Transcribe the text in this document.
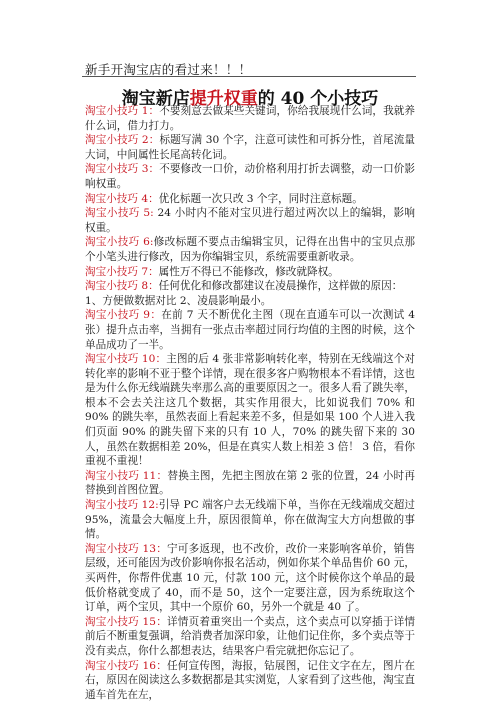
新手开淘宝店的看过来！！！
淘宝新店提升权重的 40 个小技巧

淘宝小技巧 1：不要刻意去做某些关键词，你给我展现什么词，我就养什么词，借力打力。

淘宝小技巧 2：标题写满 30 个字，注意可读性和可拆分性，首尾流量大词，中间属性长尾高转化词。

淘宝小技巧 3：不要修改一口价，动价格利用打折去调整，动一口价影响权重。

淘宝小技巧 4：优化标题一次只改 3 个字，同时注意标题。

淘宝小技巧 5: 24 小时内不能对宝贝进行超过两次以上的编辑，影响权重。

淘宝小技巧 6:修改标题不要点击编辑宝贝，记得在出售中的宝贝点那个小笔头进行修改，因为你编辑宝贝，系统需要重新收录。

淘宝小技巧 7：属性万不得已不能修改，修改就降权。

淘宝小技巧 8：任何优化和修改都建议在凌晨操作，这样做的原因：

1、方便做数据对比 2、凌晨影响最小。

淘宝小技巧 9：在前 7 天不断优化主图（现在直通车可以一次测试 4 张）提升点击率，当拥有一张点击率超过同行均值的主图的时候，这个单品成功了一半。

淘宝小技巧 10：主图的后 4 张非常影响转化率，特别在无线端这个对转化率的影响不亚于整个详情，现在很多客户购物根本不看详情，这也是为什么你无线端跳失率那么高的重要原因之一。很多人看了跳失率，根本不会去关注这几个数据，其实作用很大，比如说我们 70% 和 90% 的跳失率，虽然表面上看起来差不多，但是如果 100 个人进入我们页面 90% 的跳失留下来的只有 10 人，70% 的跳失留下来的 30 人，虽然在数据相差 20%，但是在真实人数上相差 3 倍！ 3 倍，看你重视不重视！

淘宝小技巧 11：替换主图，先把主图放在第 2 张的位置，24 小时再替换到首图位置。

淘宝小技巧 12:引导 PC 端客户去无线端下单，当你在无线端成交超过 95%，流量会大幅度上升，原因很简单，你在做淘宝大方向想做的事情。

淘宝小技巧 13：宁可多返现，也不改价，改价一来影响客单价，销售层级，还可能因为改价影响你报名活动，例如你某个单品售价 60 元，买两件，你帮件优惠 10 元，付款 100 元，这个时候你这个单品的最低价格就变成了 40，而不是 50，这个一定要注意，因为系统取这个订单，两个宝贝，其中一个原价 60，另外一个就是 40 了。

淘宝小技巧 15：详情页着重突出一个卖点，这个卖点可以穿插于详情前后不断重复强调，给消费者加深印象，让他们记住你，多个卖点等于没有卖点，你什么都想表达，结果客户看完就把你忘记了。

淘宝小技巧 16：任何宣传图，海报，钻展图，记住文字在左，图片在右，原因在阅读这么多数据都是其实浏览，人家看到了这些他，淘宝直通车首先在左，
